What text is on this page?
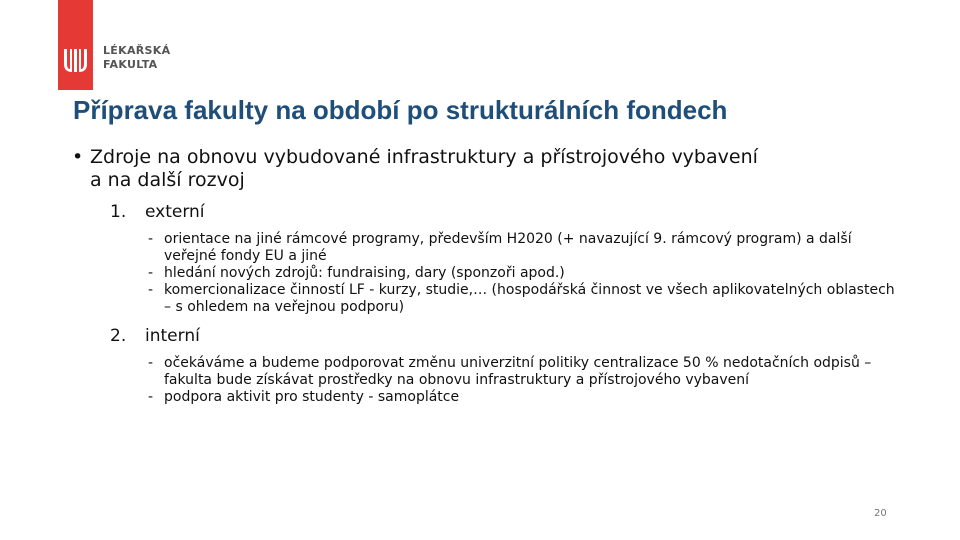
LÉKAŘSKÁ
FAKULTA
Příprava fakulty na období po strukturálních fondech
• Zdroje na obnovu vybudované infrastruktury a přístrojového vybavení
a na další rozvoj
1.	externí
- orientace na jiné rámcové programy, především H2020 (+ navazující 9. rámcový program) a další veřejné fondy EU a jiné
- hledání nových zdrojů: fundraising, dary (sponzoři apod.)
- komercionalizace činností LF - kurzy, studie,… (hospodářská činnost ve všech aplikovatelných oblastech – s ohledem na veřejnou podporu)
2.	interní
- očekáváme a budeme podporovat změnu univerzitní politiky centralizace 50 % nedotačních odpisů – fakulta bude získávat prostředky na obnovu infrastruktury a přístrojového vybavení
- podpora aktivit pro studenty - samoplátce
20
